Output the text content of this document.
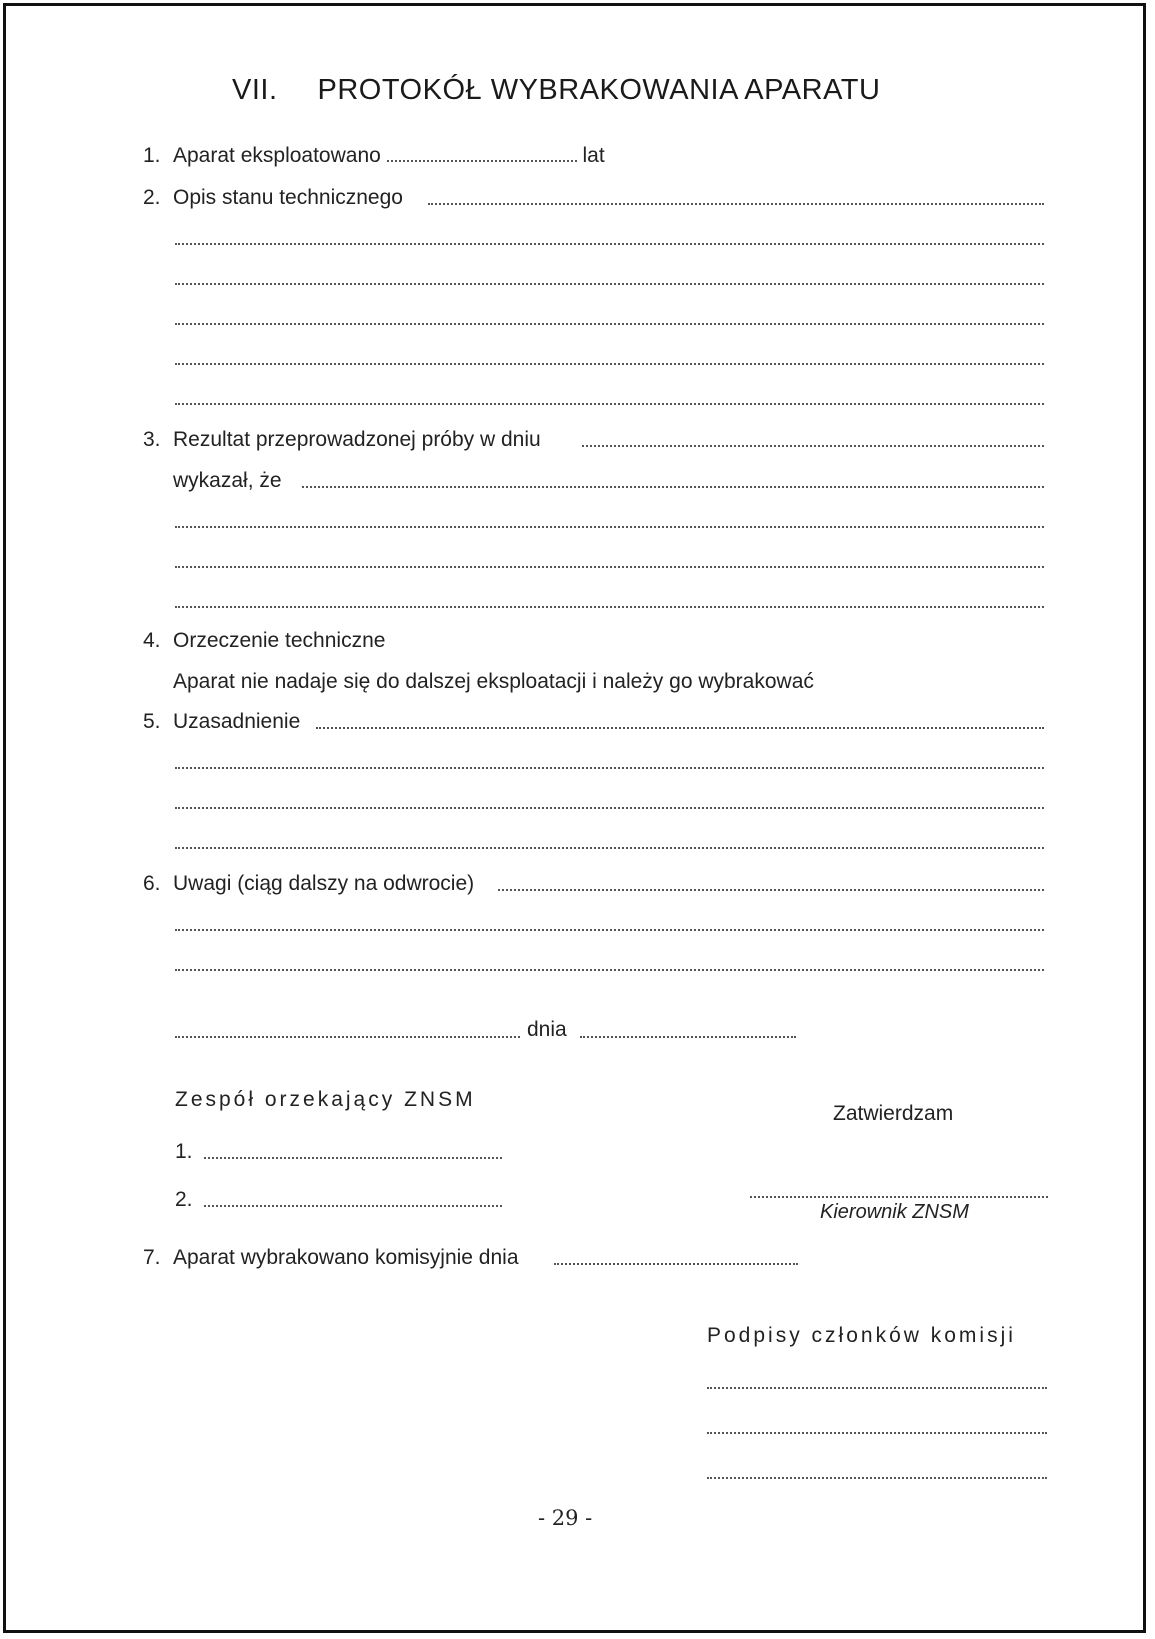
VII. PROTOKÓŁ WYBRAKOWANIA APARATU
1. Aparat eksploatowano	lat
2. Opis stanu technicznego
3. Rezultat przeprowadzonej próby w dniu
wykazał, że
4. Orzeczenie techniczne
Aparat nie nadaje się do dalszej eksploatacji i należy go wybrakować
5. Uzasadnienie
6. Uwagi (ciąg dalszy na odwrocie)
dnia
Zespół orzekający ZNSM
1.
2.
Zatwierdzam
Kierownik ZNSM
7. Aparat wybrakowano komisyjnie dnia
Podpisy członków komisji
- 29 -
